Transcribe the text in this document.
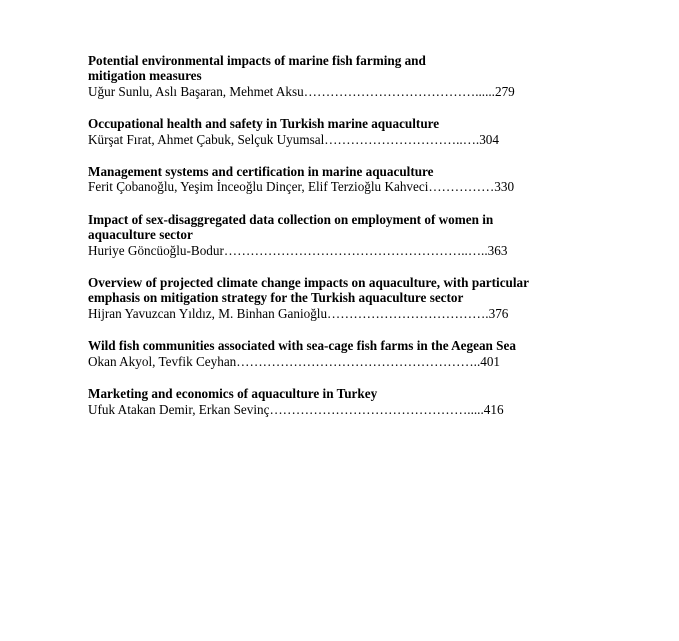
Potential environmental impacts of marine fish farming and mitigation measures

Uğur Sunlu, Aslı Başaran, Mehmet Aksu…………………………………......279

Occupational health and safety in Turkish marine aquaculture

Kürşat Fırat, Ahmet Çabuk, Selçuk Uyumsal…………………………..….304

Management systems and certification in marine aquaculture

Ferit Çobanoğlu, Yeşim İnceoğlu Dinçer, Elif Terzioğlu Kahveci……………330

Impact of sex-disaggregated data collection on employment of women in aquaculture sector

Huriye Göncüoğlu-Bodur………………………………………………..…..363

Overview of projected climate change impacts on aquaculture, with particular emphasis on mitigation strategy for the Turkish aquaculture sector

Hijran Yavuzcan Yıldız, M. Binhan Ganioğlu……………………………….376

Wild fish communities associated with sea-cage fish farms in the Aegean Sea

Okan Akyol, Tevfik Ceyhan………………………………………………..401

Marketing and economics of aquaculture in Turkey

Ufuk Atakan Demir, Erkan Sevinç……………………………………….....416
